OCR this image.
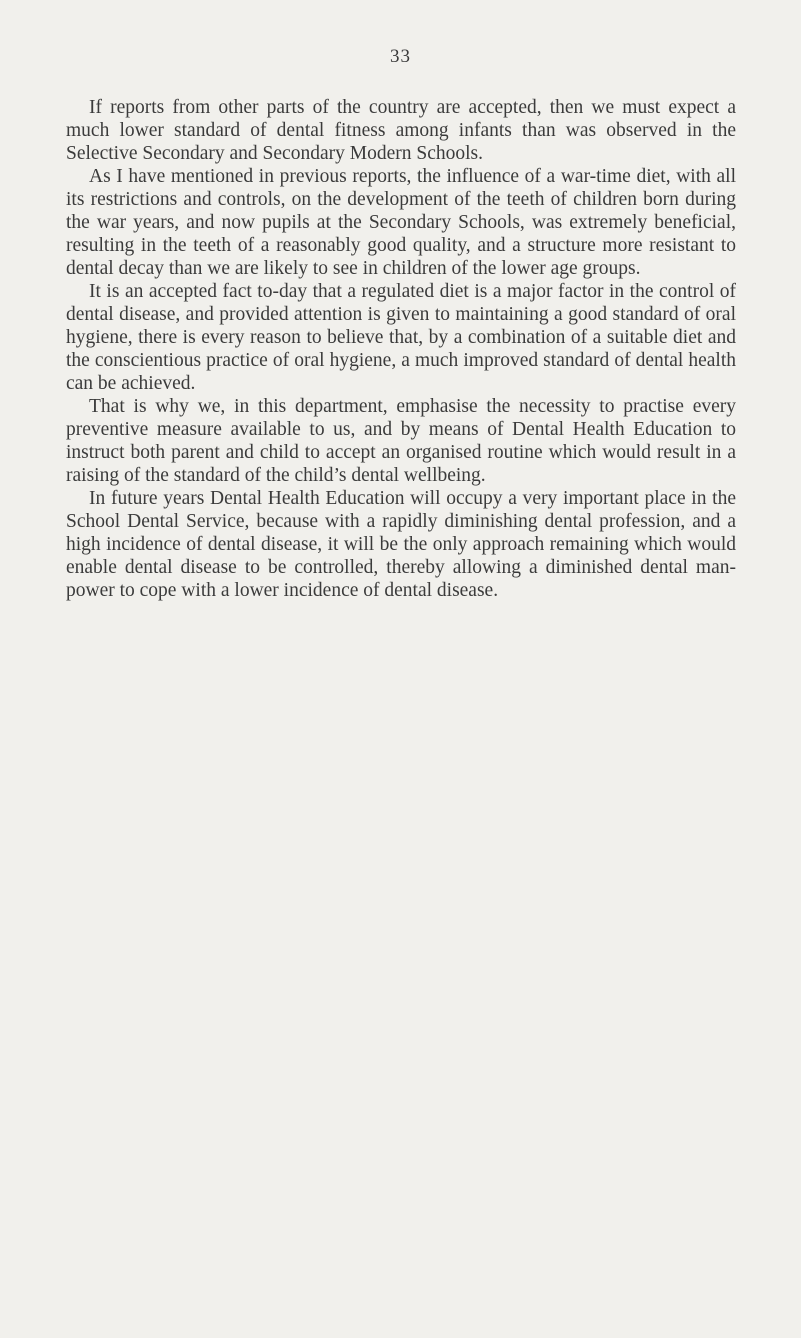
33

If reports from other parts of the country are accepted, then we must expect a much lower standard of dental fitness among infants than was observed in the Selective Secondary and Secondary Modern Schools.

As I have mentioned in previous reports, the influence of a war-time diet, with all its restrictions and controls, on the development of the teeth of children born during the war years, and now pupils at the Secondary Schools, was extremely beneficial, resulting in the teeth of a reasonably good quality, and a structure more resistant to dental decay than we are likely to see in children of the lower age groups.

It is an accepted fact to-day that a regulated diet is a major factor in the control of dental disease, and provided attention is given to maintaining a good standard of oral hygiene, there is every reason to believe that, by a combination of a suitable diet and the conscientious practice of oral hygiene, a much improved standard of dental health can be achieved.

That is why we, in this department, emphasise the necessity to practise every preventive measure available to us, and by means of Dental Health Education to instruct both parent and child to accept an organised routine which would result in a raising of the standard of the child’s dental wellbeing.

In future years Dental Health Education will occupy a very important place in the School Dental Service, because with a rapidly diminishing dental profession, and a high incidence of dental disease, it will be the only approach remaining which would enable dental disease to be controlled, thereby allowing a diminished dental manpower to cope with a lower incidence of dental disease.
